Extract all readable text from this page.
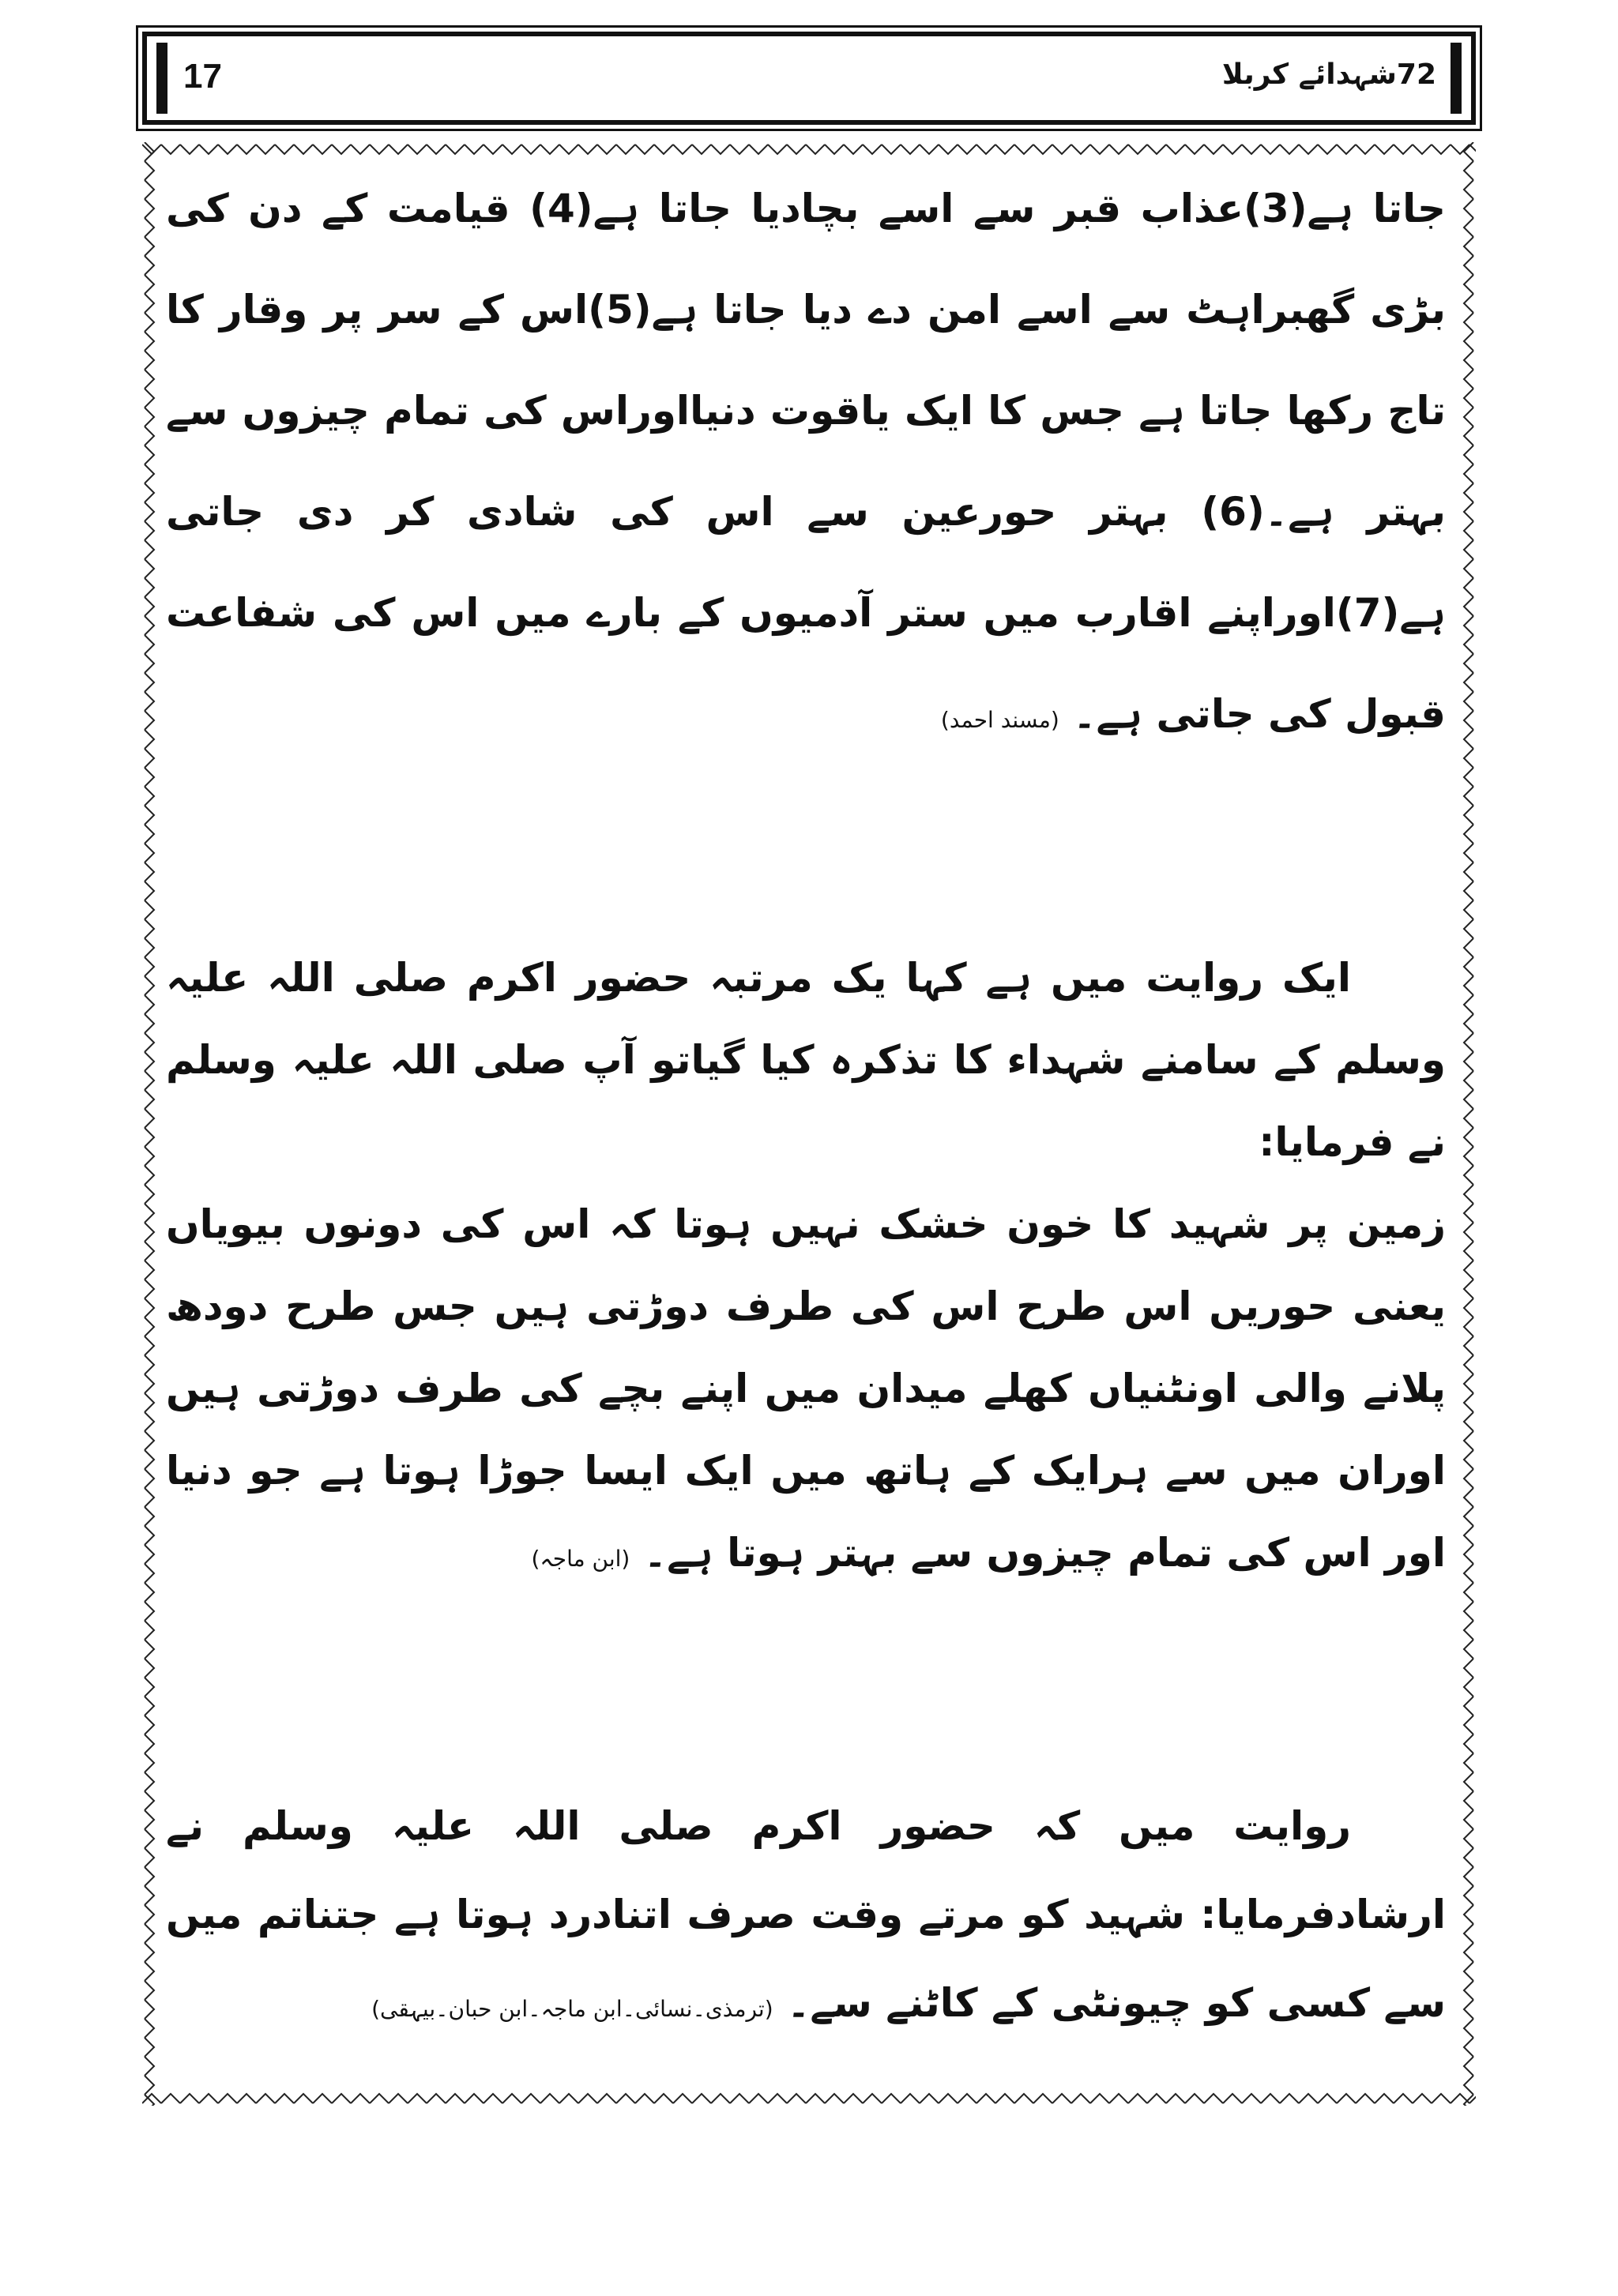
17	72شہدائے کربلا

جاتا ہے(3)عذاب قبر سے اسے بچادیا جاتا ہے(4) قیامت کے دن کی بڑی گھبراہٹ سے اسے امن دے دیا جاتا ہے(5)اس کے سر پر وقار کا تاج رکھا جاتا ہے جس کا ایک یاقوت دنیااوراس کی تمام چیزوں سے بہتر ہے۔(6) بہتر حورعین سے اس کی شادی کر دی جاتی ہے(7)اوراپنے اقارب میں ستر آدمیوں کے بارے میں اس کی شفاعت قبول کی جاتی ہے۔ (مسند احمد)

ایک روایت میں ہے کہا یک مرتبہ حضور اکرم صلی اللہ علیہ وسلم کے سامنے شہداء کا تذکرہ کیا گیاتو آپ صلی اللہ علیہ وسلم نے فرمایا:
زمین پر شہید کا خون خشک نہیں ہوتا کہ اس کی دونوں بیویاں یعنی حوریں اس طرح اس کی طرف دوڑتی ہیں جس طرح دودھ پلانے والی اونٹنیاں کھلے میدان میں اپنے بچے کی طرف دوڑتی ہیں اوران میں سے ہرایک کے ہاتھ میں ایک ایسا جوڑا ہوتا ہے جو دنیا اور اس کی تمام چیزوں سے بہتر ہوتا ہے۔ (ابن ماجہ)

روایت میں کہ حضور اکرم صلی اللہ علیہ وسلم نے ارشادفرمایا: شہید کو مرتے وقت صرف اتنادرد ہوتا ہے جتناتم میں سے کسی کو چیونٹی کے کاٹنے سے۔ (ترمذی۔نسائی۔ابن ماجہ۔ابن حبان۔بیہقی)
